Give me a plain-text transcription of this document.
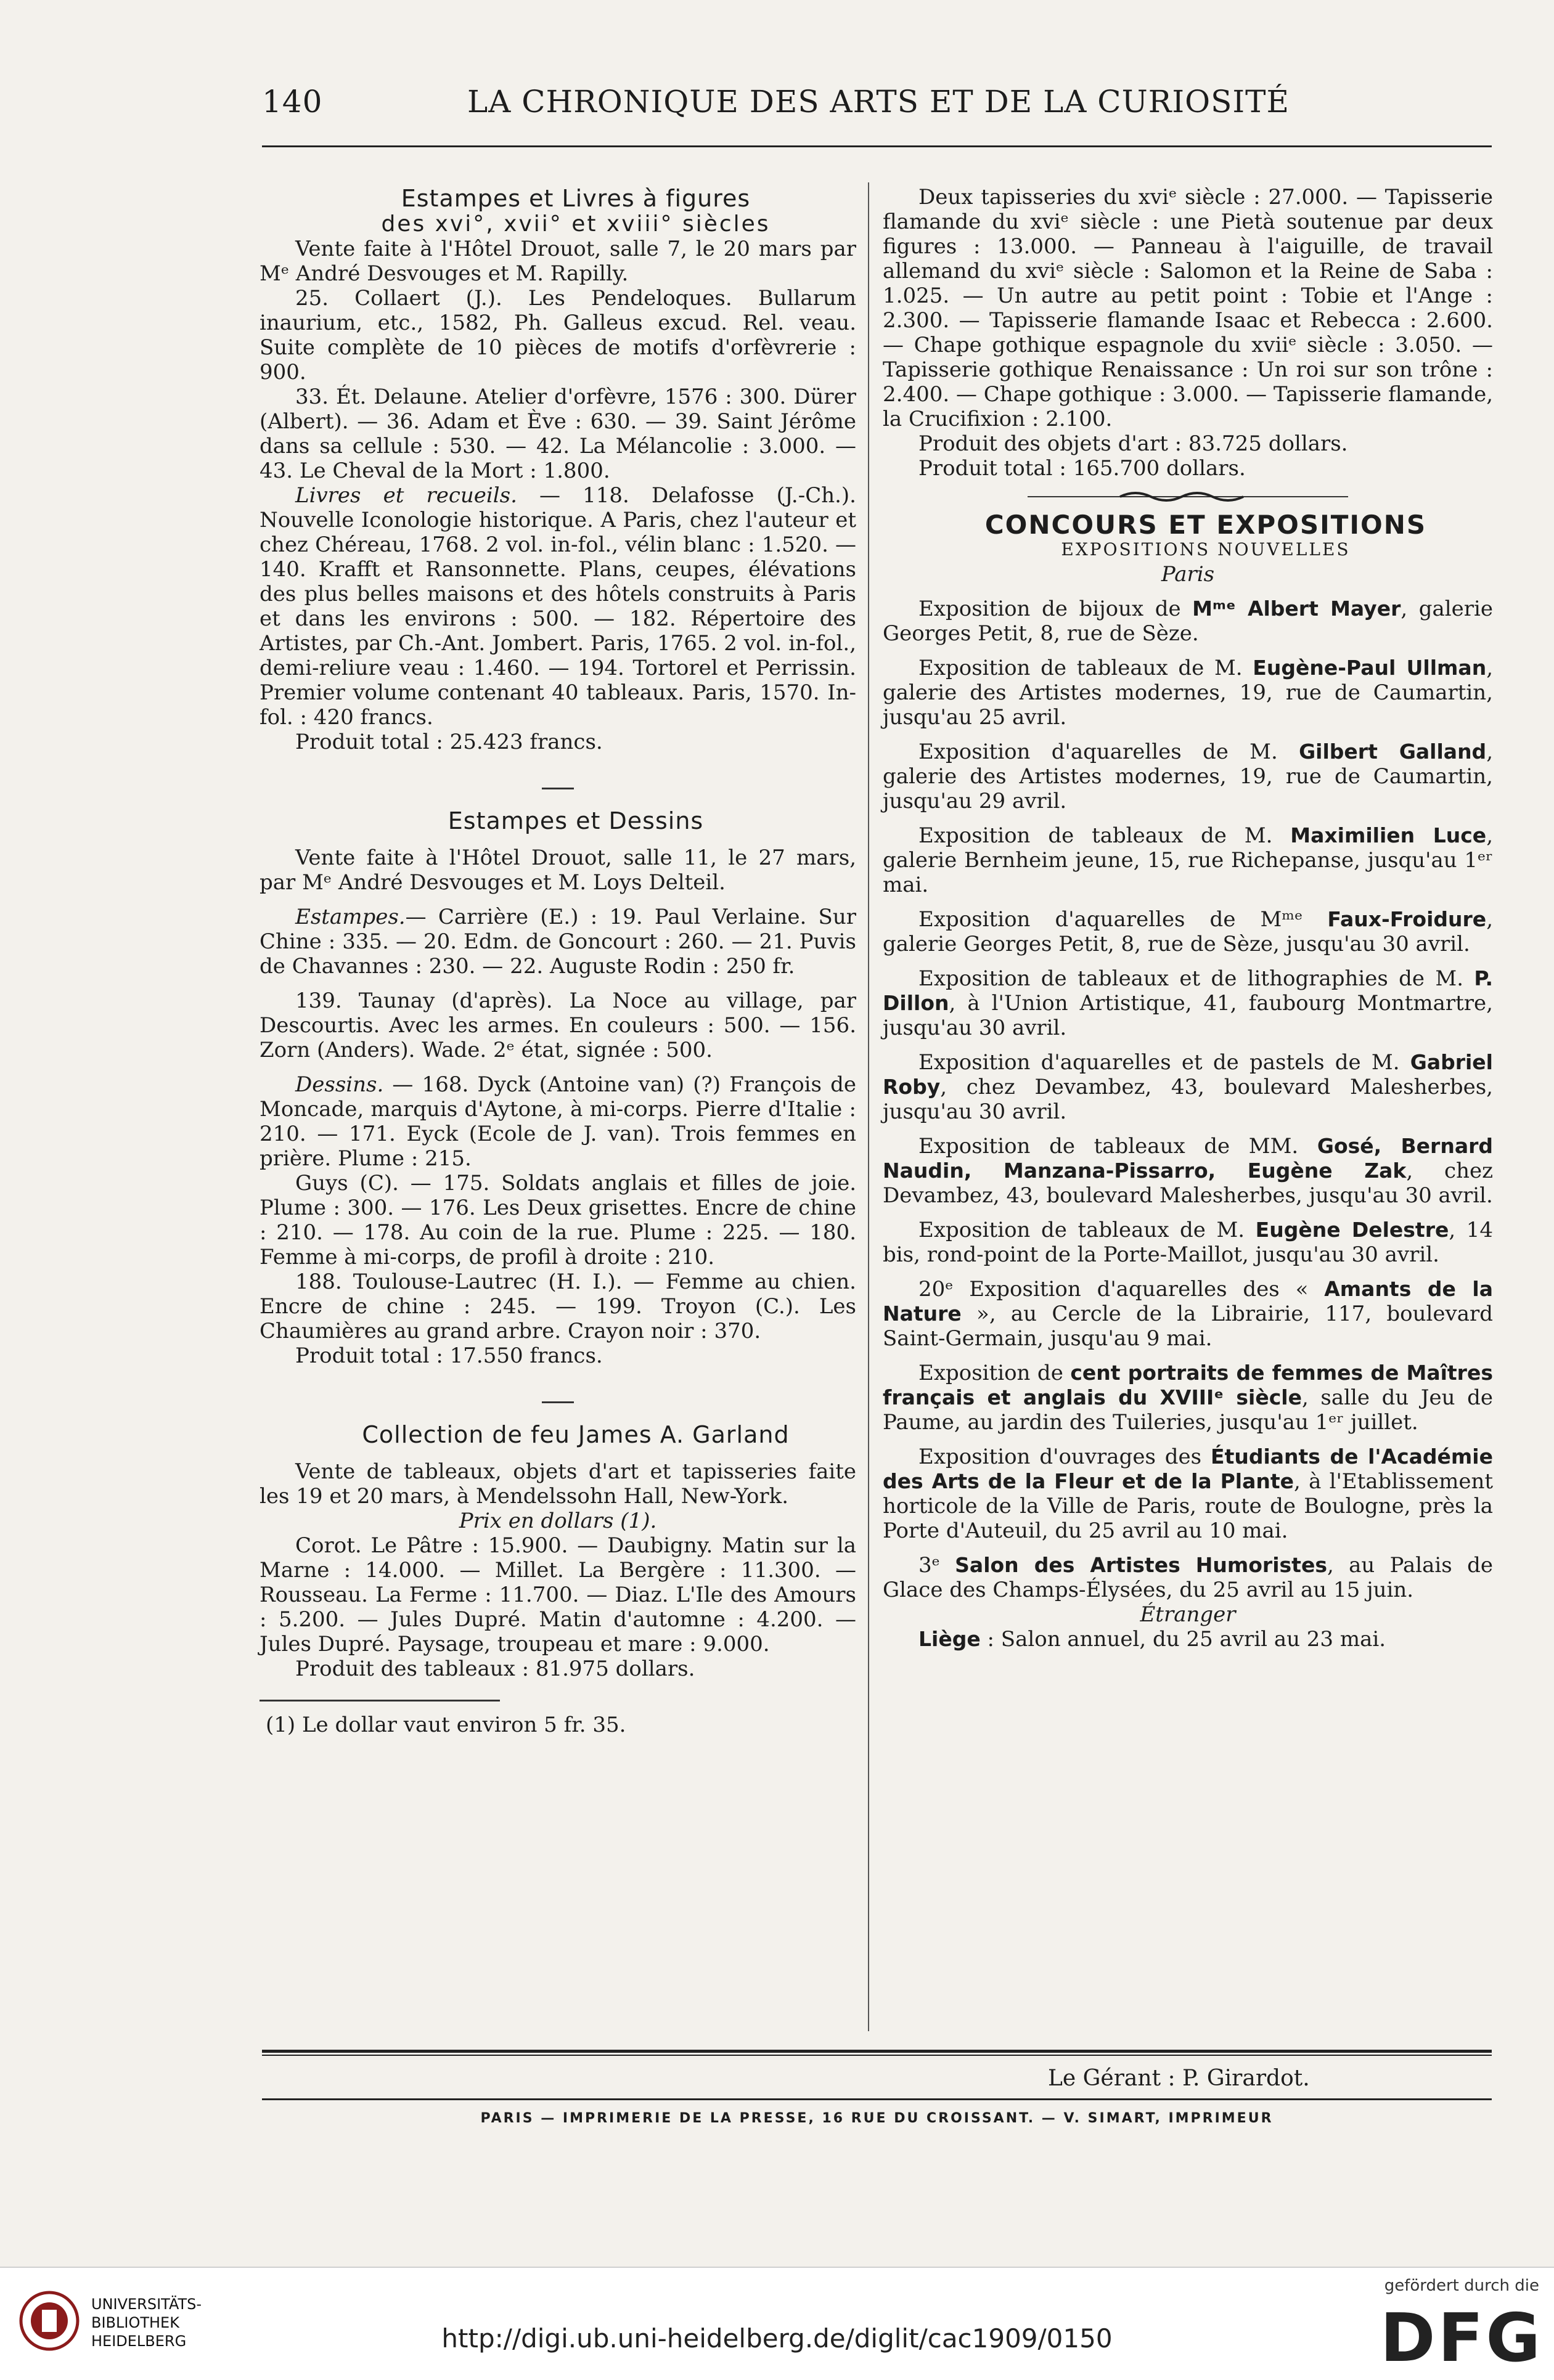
140	LA CHRONIQUE DES ARTS ET DE LA CURIOSITÉ

Estampes et Livres à figures

des xvi°, xvii° et xviii° siècles

Vente faite à l'Hôtel Drouot, salle 7, le 20 mars par Mᵉ André Desvouges et M. Rapilly.

25. Collaert (J.). Les Pendeloques. Bullarum inaurium, etc., 1582, Ph. Galleus excud. Rel. veau. Suite complète de 10 pièces de motifs d'orfèvrerie : 900.

33. Ét. Delaune. Atelier d'orfèvre, 1576 : 300. Dürer (Albert). — 36. Adam et Ève : 630. — 39. Saint Jérôme dans sa cellule : 530. — 42. La Mélancolie : 3.000. — 43. Le Cheval de la Mort : 1.800.

Livres et recueils. — 118. Delafosse (J.-Ch.). Nouvelle Iconologie historique. A Paris, chez l'auteur et chez Chéreau, 1768. 2 vol. in-fol., vélin blanc : 1.520. — 140. Krafft et Ransonnette. Plans, ceupes, élévations des plus belles maisons et des hôtels construits à Paris et dans les environs : 500. — 182. Répertoire des Artistes, par Ch.-Ant. Jombert. Paris, 1765. 2 vol. in-fol., demi-reliure veau : 1.460. — 194. Tortorel et Perrissin. Premier volume contenant 40 tableaux. Paris, 1570. In-fol. : 420 francs.

Produit total : 25.423 francs.

Estampes et Dessins

Vente faite à l'Hôtel Drouot, salle 11, le 27 mars, par Mᵉ André Desvouges et M. Loys Delteil.

Estampes.— Carrière (E.) : 19. Paul Verlaine. Sur Chine : 335. — 20. Edm. de Goncourt : 260. — 21. Puvis de Chavannes : 230. — 22. Auguste Rodin : 250 fr.

139. Taunay (d'après). La Noce au village, par Descourtis. Avec les armes. En couleurs : 500. — 156. Zorn (Anders). Wade. 2ᵉ état, signée : 500.

Dessins. — 168. Dyck (Antoine van) (?) François de Moncade, marquis d'Aytone, à mi-corps. Pierre d'Italie : 210. — 171. Eyck (Ecole de J. van). Trois femmes en prière. Plume : 215.

Guys (C). — 175. Soldats anglais et filles de joie. Plume : 300. — 176. Les Deux grisettes. Encre de chine : 210. — 178. Au coin de la rue. Plume : 225. — 180. Femme à mi-corps, de profil à droite : 210.

188. Toulouse-Lautrec (H. I.). — Femme au chien. Encre de chine : 245. — 199. Troyon (C.). Les Chaumières au grand arbre. Crayon noir : 370.

Produit total : 17.550 francs.

Collection de feu James A. Garland

Vente de tableaux, objets d'art et tapisseries faite les 19 et 20 mars, à Mendelssohn Hall, New-York.

Prix en dollars (1).

Corot. Le Pâtre : 15.900. — Daubigny. Matin sur la Marne : 14.000. — Millet. La Bergère : 11.300. — Rousseau. La Ferme : 11.700. — Diaz. L'Ile des Amours : 5.200. — Jules Dupré. Matin d'automne : 4.200. — Jules Dupré. Paysage, troupeau et mare : 9.000.

Produit des tableaux : 81.975 dollars.

(1) Le dollar vaut environ 5 fr. 35.

Deux tapisseries du xviᵉ siècle : 27.000. — Tapisserie flamande du xviᵉ siècle : une Pietà soutenue par deux figures : 13.000. — Panneau à l'aiguille, de travail allemand du xviᵉ siècle : Salomon et la Reine de Saba : 1.025. — Un autre au petit point : Tobie et l'Ange : 2.300. — Tapisserie flamande Isaac et Rebecca : 2.600. — Chape gothique espagnole du xviiᵉ siècle : 3.050. — Tapisserie gothique Renaissance : Un roi sur son trône : 2.400. — Chape gothique : 3.000. — Tapisserie flamande, la Crucifixion : 2.100.

Produit des objets d'art : 83.725 dollars.

Produit total : 165.700 dollars.

CONCOURS ET EXPOSITIONS

EXPOSITIONS NOUVELLES

Paris

Exposition de bijoux de Mᵐᵉ Albert Mayer, galerie Georges Petit, 8, rue de Sèze.

Exposition de tableaux de M. Eugène-Paul Ullman, galerie des Artistes modernes, 19, rue de Caumartin, jusqu'au 25 avril.

Exposition d'aquarelles de M. Gilbert Galland, galerie des Artistes modernes, 19, rue de Caumartin, jusqu'au 29 avril.

Exposition de tableaux de M. Maximilien Luce, galerie Bernheim jeune, 15, rue Richepanse, jusqu'au 1ᵉʳ mai.

Exposition d'aquarelles de Mᵐᵉ Faux-Froidure, galerie Georges Petit, 8, rue de Sèze, jusqu'au 30 avril.

Exposition de tableaux et de lithographies de M. P. Dillon, à l'Union Artistique, 41, faubourg Montmartre, jusqu'au 30 avril.

Exposition d'aquarelles et de pastels de M. Gabriel Roby, chez Devambez, 43, boulevard Malesherbes, jusqu'au 30 avril.

Exposition de tableaux de MM. Gosé, Bernard Naudin, Manzana-Pissarro, Eugène Zak, chez Devambez, 43, boulevard Malesherbes, jusqu'au 30 avril.

Exposition de tableaux de M. Eugène Delestre, 14 bis, rond-point de la Porte-Maillot, jusqu'au 30 avril.

20ᵉ Exposition d'aquarelles des « Amants de la Nature », au Cercle de la Librairie, 117, boulevard Saint-Germain, jusqu'au 9 mai.

Exposition de cent portraits de femmes de Maîtres français et anglais du XVIIIᵉ siècle, salle du Jeu de Paume, au jardin des Tuileries, jusqu'au 1ᵉʳ juillet.

Exposition d'ouvrages des Étudiants de l'Académie des Arts de la Fleur et de la Plante, à l'Etablissement horticole de la Ville de Paris, route de Boulogne, près la Porte d'Auteuil, du 25 avril au 10 mai.

3ᵉ Salon des Artistes Humoristes, au Palais de Glace des Champs-Élysées, du 25 avril au 15 juin.

Étranger

Liège : Salon annuel, du 25 avril au 23 mai.

Le Gérant : P. Girardot.
PARIS — IMPRIMERIE DE LA PRESSE, 16 RUE DU CROISSANT. — V. SIMART, IMPRIMEUR
UNIVERSITÄTS-
BIBLIOTHEK
HEIDELBERG	http://digi.ub.uni-heidelberg.de/diglit/cac1909/0150
gefördert durch die
DFG
